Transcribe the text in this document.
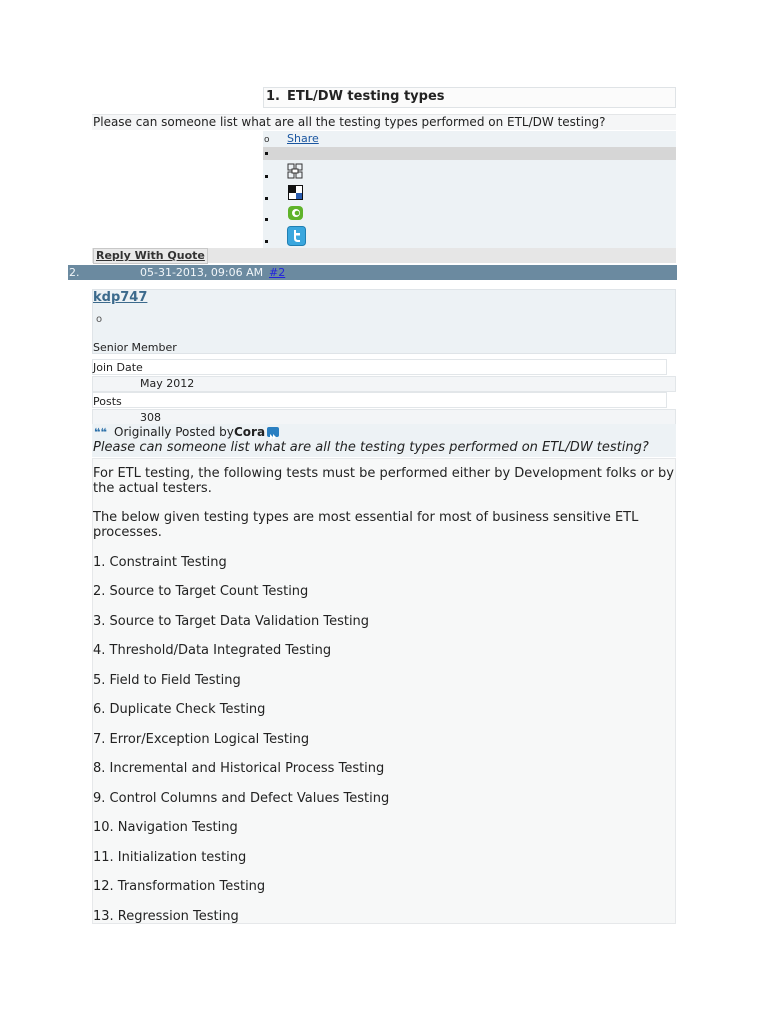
1. ETL/DW testing types
Please can someone list what are all the testing types performed on ETL/DW testing?
o Share
Reply With Quote
2.	05-31-2013, 09:06 AM #2
kdp747
o
Senior Member
Join Date
May 2012
Posts
308
❝❝ Originally Posted by Cora
Please can someone list what are all the testing types performed on ETL/DW testing?
For ETL testing, the following tests must be performed either by Development folks or by
the actual testers.
The below given testing types are most essential for most of business sensitive ETL
processes.
1. Constraint Testing
2. Source to Target Count Testing
3. Source to Target Data Validation Testing
4. Threshold/Data Integrated Testing
5. Field to Field Testing
6. Duplicate Check Testing
7. Error/Exception Logical Testing
8. Incremental and Historical Process Testing
9. Control Columns and Defect Values Testing
10. Navigation Testing
11. Initialization testing
12. Transformation Testing
13. Regression Testing
